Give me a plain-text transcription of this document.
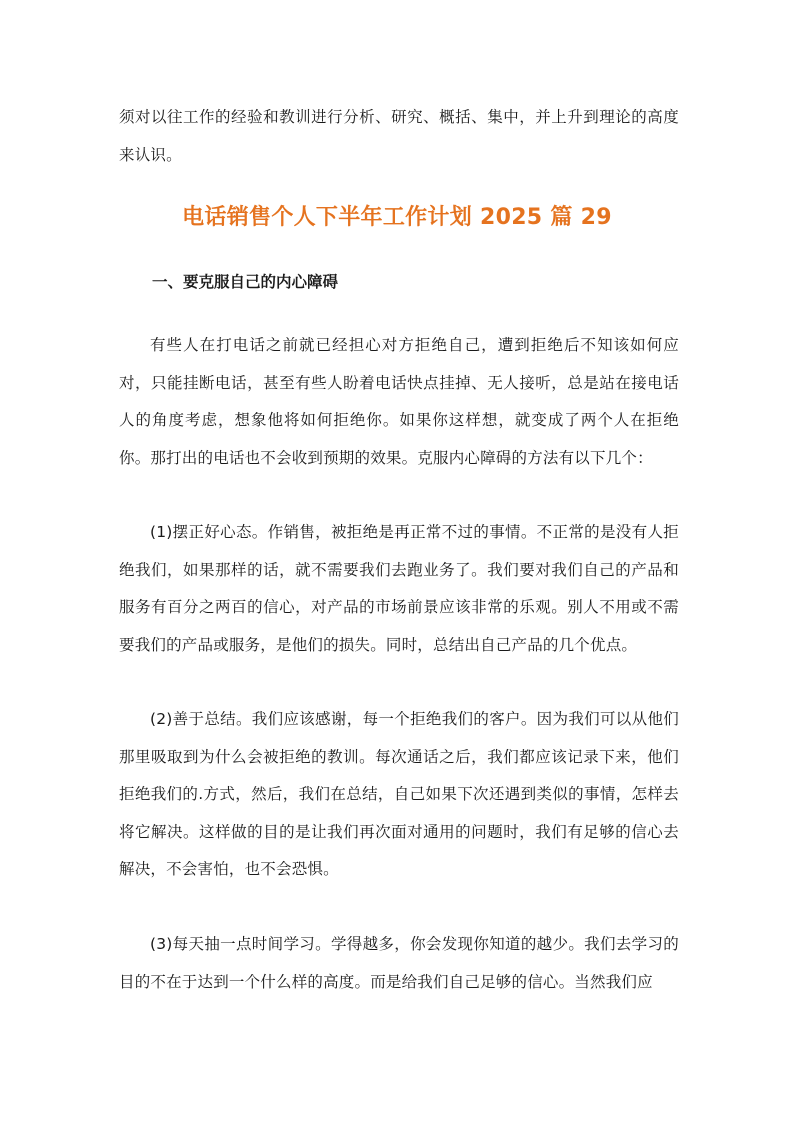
须对以往工作的经验和教训进行分析、研究、概括、集中，并上升到理论的高度来认识。

电话销售个人下半年工作计划 2025 篇 29
一、要克服自己的内心障碍

有些人在打电话之前就已经担心对方拒绝自己，遭到拒绝后不知该如何应对，只能挂断电话，甚至有些人盼着电话快点挂掉、无人接听，总是站在接电话人的角度考虑，想象他将如何拒绝你。如果你这样想，就变成了两个人在拒绝你。那打出的电话也不会收到预期的效果。克服内心障碍的方法有以下几个：

(1)摆正好心态。作销售，被拒绝是再正常不过的事情。不正常的是没有人拒绝我们，如果那样的话，就不需要我们去跑业务了。我们要对我们自己的产品和服务有百分之两百的信心，对产品的市场前景应该非常的乐观。别人不用或不需要我们的产品或服务，是他们的损失。同时，总结出自己产品的几个优点。

(2)善于总结。我们应该感谢，每一个拒绝我们的客户。因为我们可以从他们那里吸取到为什么会被拒绝的教训。每次通话之后，我们都应该记录下来，他们拒绝我们的.方式，然后，我们在总结，自己如果下次还遇到类似的事情，怎样去将它解决。这样做的目的是让我们再次面对通用的问题时，我们有足够的信心去解决，不会害怕，也不会恐惧。

(3)每天抽一点时间学习。学得越多，你会发现你知道的越少。我们去学习的目的不在于达到一个什么样的高度。而是给我们自己足够的信心。当然我们应
